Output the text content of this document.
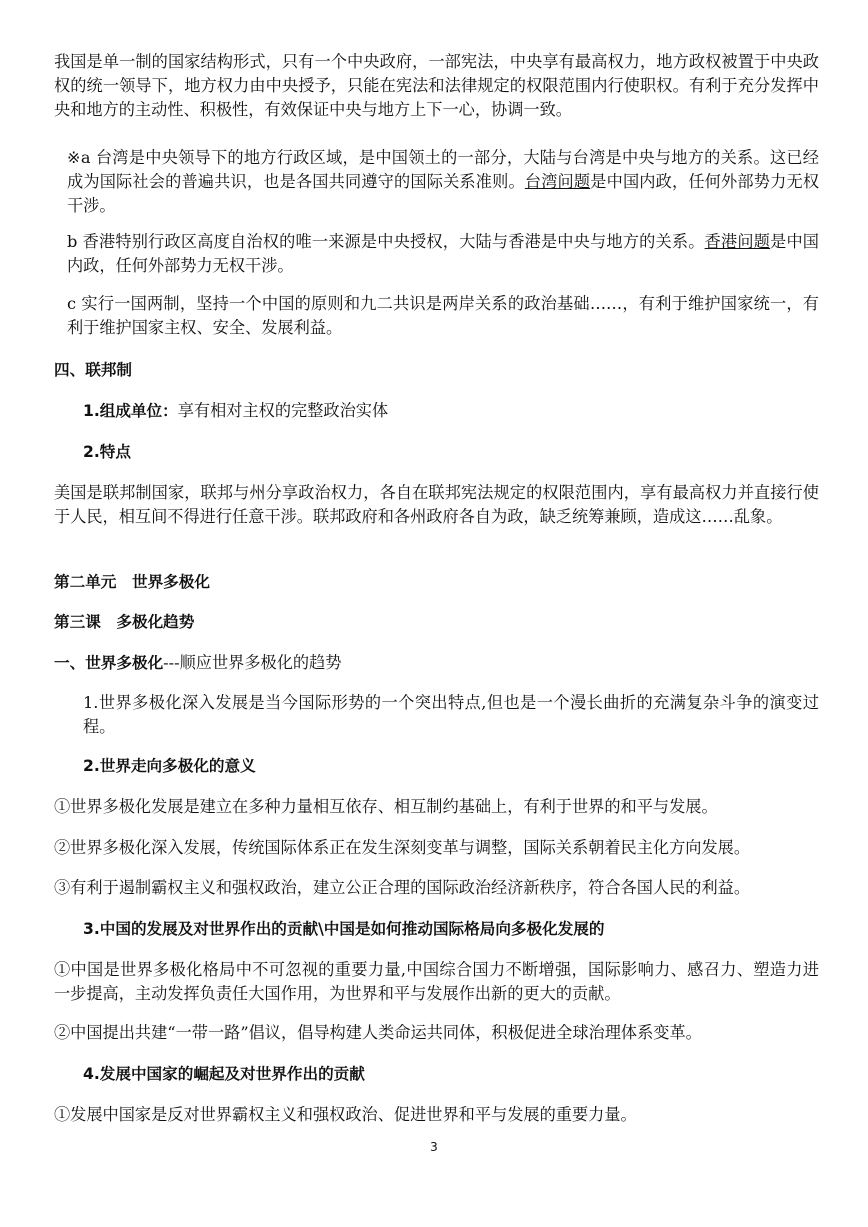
我国是单一制的国家结构形式，只有一个中央政府，一部宪法，中央享有最高权力，地方政权被置于中央政权的统一领导下，地方权力由中央授予，只能在宪法和法律规定的权限范围内行使职权。有利于充分发挥中央和地方的主动性、积极性，有效保证中央与地方上下一心，协调一致。

※a 台湾是中央领导下的地方行政区域，是中国领土的一部分，大陆与台湾是中央与地方的关系。这已经成为国际社会的普遍共识，也是各国共同遵守的国际关系准则。台湾问题是中国内政，任何外部势力无权干涉。

b 香港特别行政区高度自治权的唯一来源是中央授权，大陆与香港是中央与地方的关系。香港问题是中国内政，任何外部势力无权干涉。

c 实行一国两制，坚持一个中国的原则和九二共识是两岸关系的政治基础……，有利于维护国家统一，有利于维护国家主权、安全、发展利益。

四、联邦制

1.组成单位：享有相对主权的完整政治实体

2.特点

美国是联邦制国家，联邦与州分享政治权力，各自在联邦宪法规定的权限范围内，享有最高权力并直接行使于人民，相互间不得进行任意干涉。联邦政府和各州政府各自为政，缺乏统筹兼顾，造成这……乱象。

第二单元　世界多极化

第三课　多极化趋势

一、世界多极化---顺应世界多极化的趋势

1.世界多极化深入发展是当今国际形势的一个突出特点,但也是一个漫长曲折的充满复杂斗争的演变过程。

2.世界走向多极化的意义

①世界多极化发展是建立在多种力量相互依存、相互制约基础上，有利于世界的和平与发展。

②世界多极化深入发展，传统国际体系正在发生深刻变革与调整，国际关系朝着民主化方向发展。

③有利于遏制霸权主义和强权政治，建立公正合理的国际政治经济新秩序，符合各国人民的利益。

3.中国的发展及对世界作出的贡献\中国是如何推动国际格局向多极化发展的

①中国是世界多极化格局中不可忽视的重要力量,中国综合国力不断增强，国际影响力、感召力、塑造力进一步提高，主动发挥负责任大国作用，为世界和平与发展作出新的更大的贡献。

②中国提出共建“一带一路”倡议，倡导构建人类命运共同体，积极促进全球治理体系变革。

4.发展中国家的崛起及对世界作出的贡献

①发展中国家是反对世界霸权主义和强权政治、促进世界和平与发展的重要力量。

3
